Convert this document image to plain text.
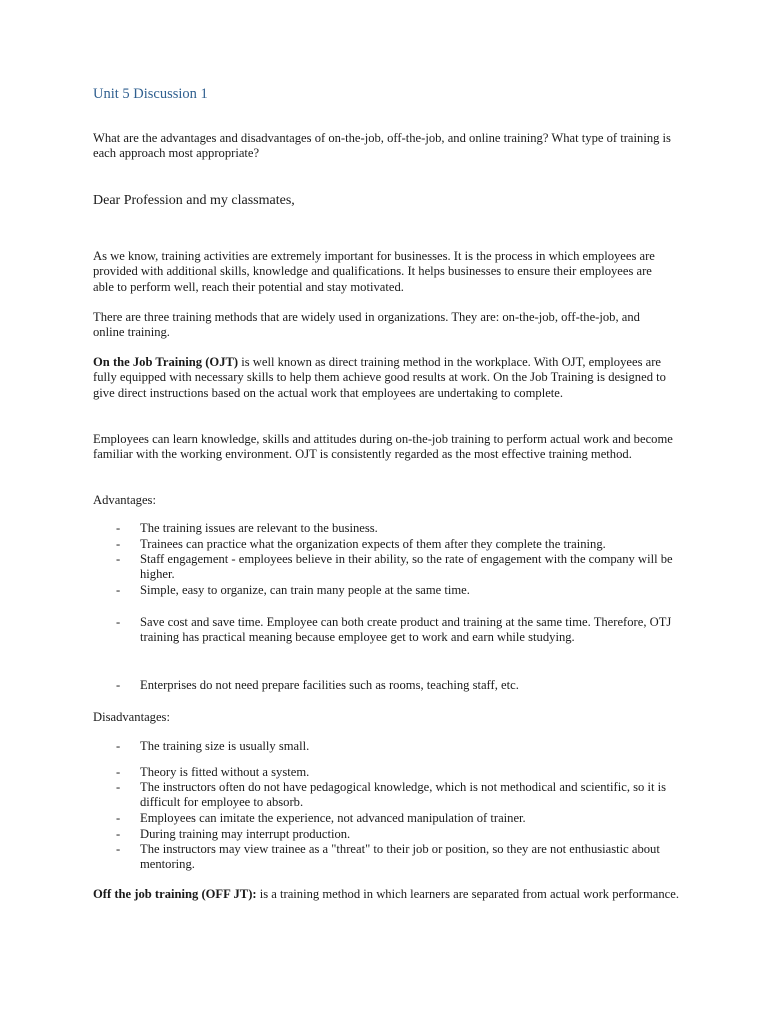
Unit 5 Discussion 1

What are the advantages and disadvantages of on-the-job, off-the-job, and online training? What type of training is each approach most appropriate?

Dear Profession and my classmates,

As we know, training activities are extremely important for businesses. It is the process in which employees are provided with additional skills, knowledge and qualifications. It helps businesses to ensure their employees are able to perform well, reach their potential and stay motivated.

There are three training methods that are widely used in organizations. They are: on-the-job, off-the-job, and online training.

On the Job Training (OJT) is well known as direct training method in the workplace. With OJT, employees are fully equipped with necessary skills to help them achieve good results at work. On the Job Training is designed to give direct instructions based on the actual work that employees are undertaking to complete.

Employees can learn knowledge, skills and attitudes during on-the-job training to perform actual work and become familiar with the working environment. OJT is consistently regarded as the most effective training method.

Advantages:

-	The training issues are relevant to the business.
-	Trainees can practice what the organization expects of them after they complete the training.
-	Staff engagement - employees believe in their ability, so the rate of engagement with the company will be higher.
-	Simple, easy to organize, can train many people at the same time.
-	Save cost and save time. Employee can both create product and training at the same time. Therefore, OTJ training has practical meaning because employee get to work and earn while studying.
-	Enterprises do not need prepare facilities such as rooms, teaching staff, etc.

Disadvantages:

-	The training size is usually small.
-	Theory is fitted without a system.
-	The instructors often do not have pedagogical knowledge, which is not methodical and scientific, so it is difficult for employee to absorb.
-	Employees can imitate the experience, not advanced manipulation of trainer.
-	During training may interrupt production.
-	The instructors may view trainee as a "threat" to their job or position, so they are not enthusiastic about mentoring.

Off the job training (OFF JT): is a training method in which learners are separated from actual work performance.
